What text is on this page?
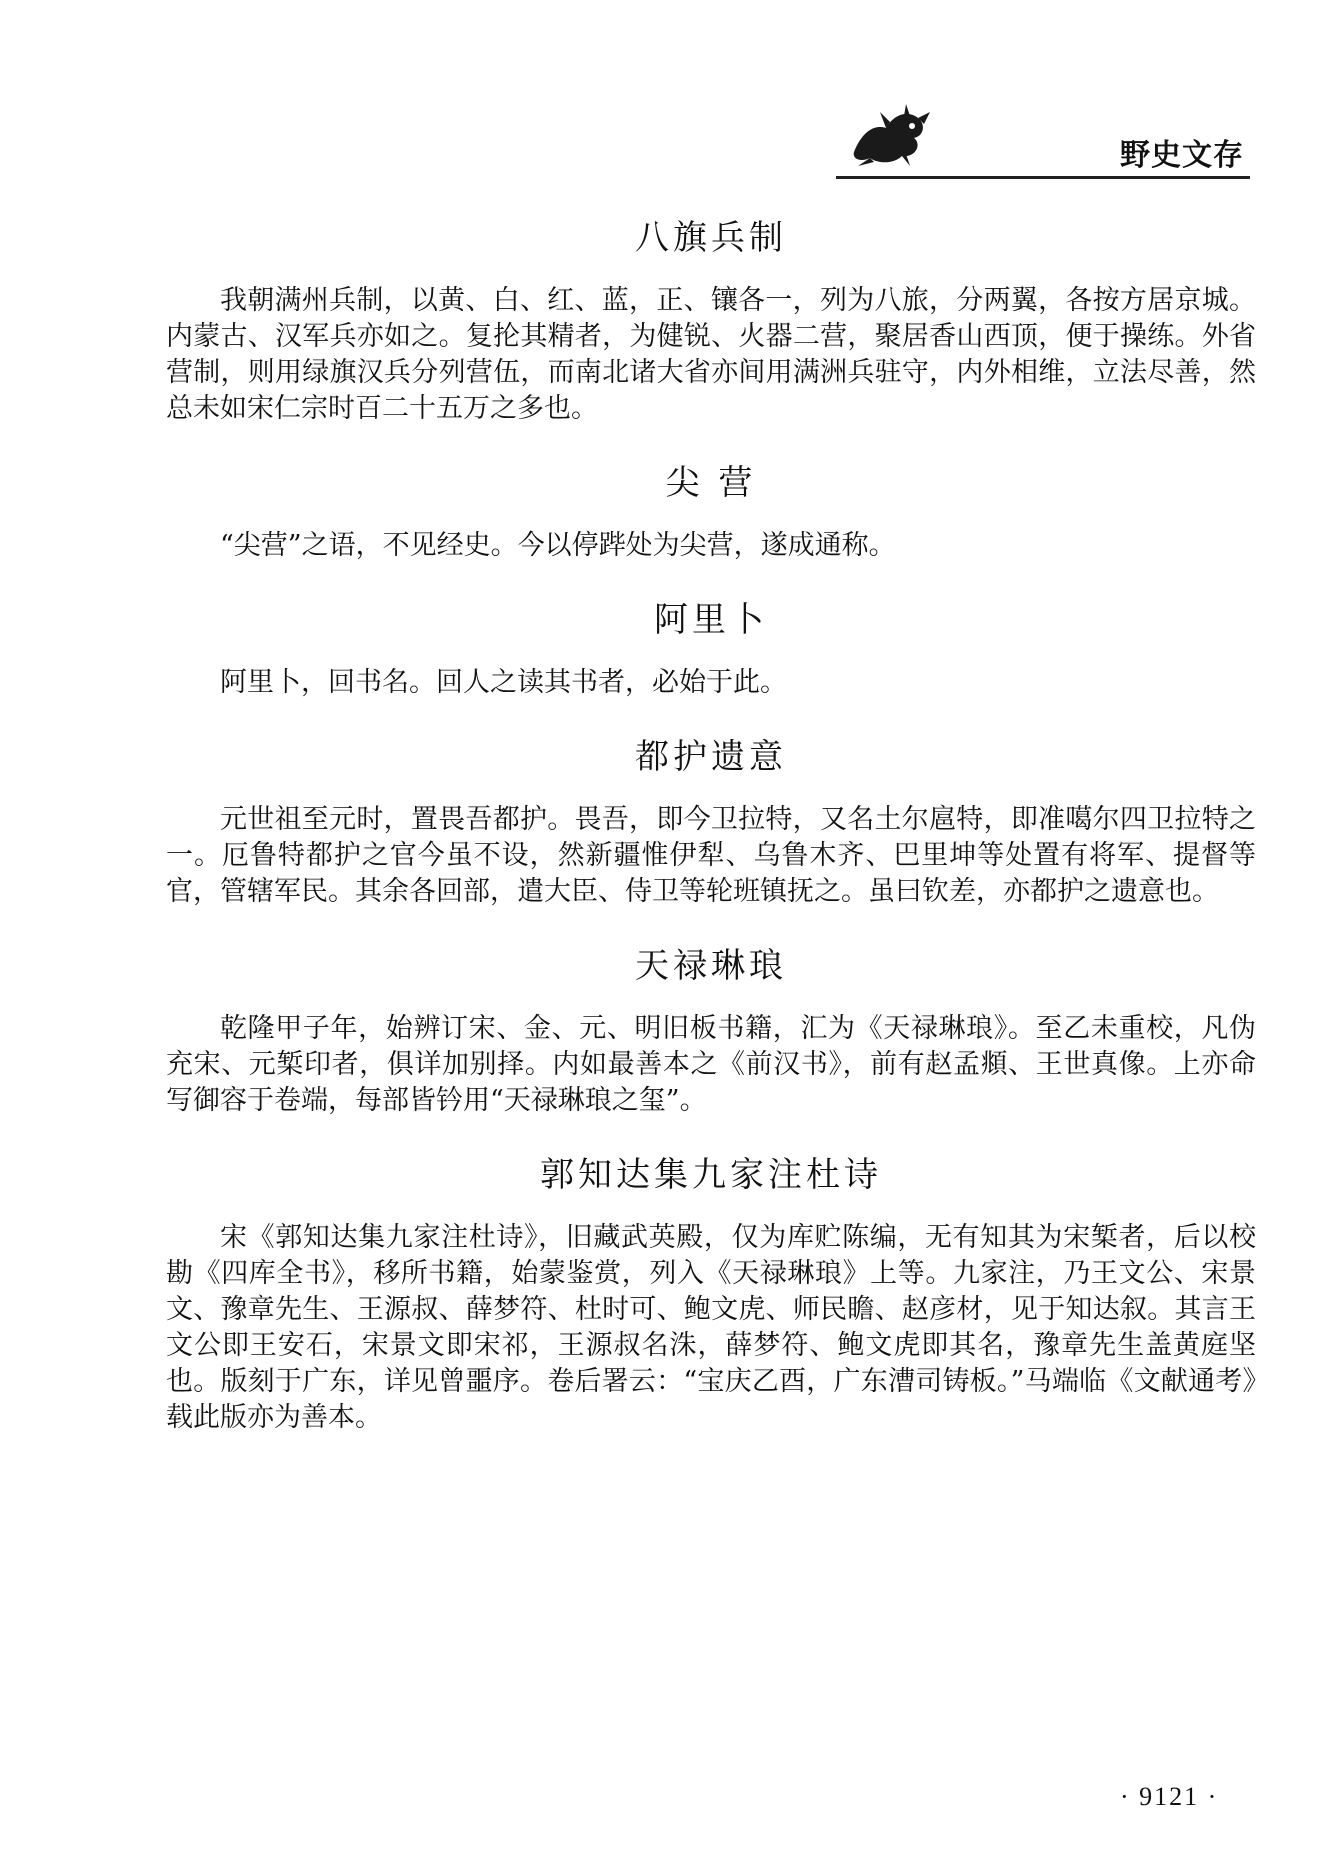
野史文存
八旗兵制

我朝满州兵制，以黄、白、红、蓝，正、镶各一，列为八旅，分两翼，各按方居京城。内蒙古、汉军兵亦如之。复抡其精者，为健锐、火器二营，聚居香山西顶，便于操练。外省营制，则用绿旗汉兵分列营伍，而南北诸大省亦间用满洲兵驻守，内外相维，立法尽善，然总未如宋仁宗时百二十五万之多也。

尖 营

“尖营”之语，不见经史。今以停跸处为尖营，遂成通称。

阿里卜

阿里卜，回书名。回人之读其书者，必始于此。

都护遗意

元世祖至元时，置畏吾都护。畏吾，即今卫拉特，又名土尔扈特，即准噶尔四卫拉特之一。厄鲁特都护之官今虽不设，然新疆惟伊犁、乌鲁木齐、巴里坤等处置有将军、提督等官，管辖军民。其余各回部，遣大臣、侍卫等轮班镇抚之。虽曰钦差，亦都护之遗意也。

天禄琳琅

乾隆甲子年，始辨订宋、金、元、明旧板书籍，汇为《天禄琳琅》。至乙未重校，凡伪充宋、元椠印者，俱详加别择。内如最善本之《前汉书》，前有赵孟頫、王世真像。上亦命写御容于卷端，每部皆钤用“天禄琳琅之玺”。

郭知达集九家注杜诗

宋《郭知达集九家注杜诗》，旧藏武英殿，仅为库贮陈编，无有知其为宋椠者，后以校勘《四库全书》，移所书籍，始蒙鉴赏，列入《天禄琳琅》上等。九家注，乃王文公、宋景文、豫章先生、王源叔、薛梦符、杜时可、鲍文虎、师民瞻、赵彦材，见于知达叙。其言王文公即王安石，宋景文即宋祁，王源叔名洙，薛梦符、鲍文虎即其名，豫章先生盖黄庭坚也。版刻于广东，详见曾噩序。卷后署云：“宝庆乙酉，广东漕司铸板。”马端临《文献通考》载此版亦为善本。

· 9121 ·
